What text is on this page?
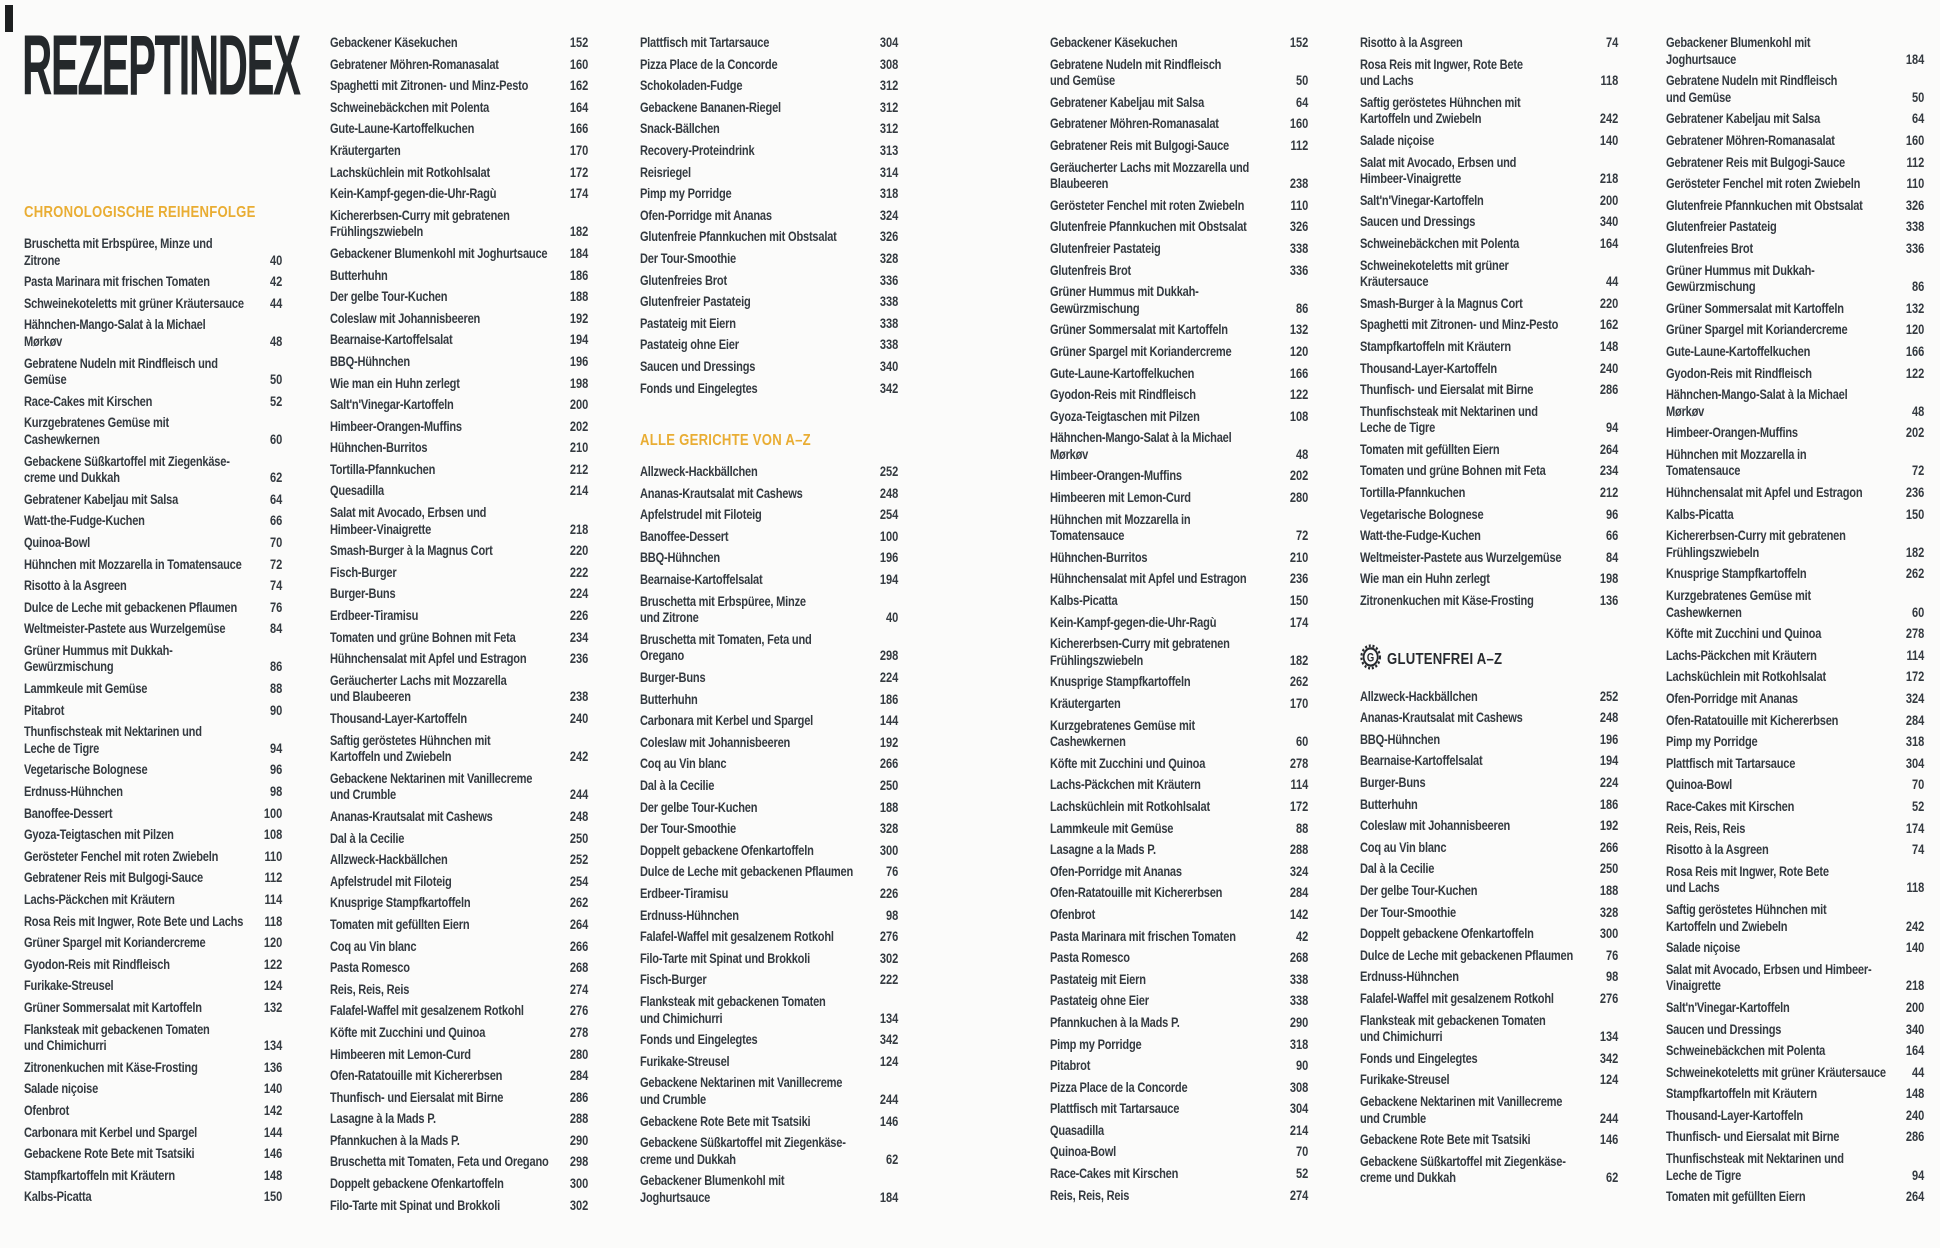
REZEPTINDEX
CHRONOLOGISCHE REIHENFOLGE
Bruschetta mit Erbspüree, Minze und
Zitrone	40
Pasta Marinara mit frischen Tomaten	42
Schweinekoteletts mit grüner Kräutersauce	44
Hähnchen-Mango-Salat à la Michael
Mørkøv	48
Gebratene Nudeln mit Rindfleisch und
Gemüse	50
Race-Cakes mit Kirschen	52
Kurzgebratenes Gemüse mit
Cashewkernen	60
Gebackene Süßkartoffel mit Ziegenkäse-
creme und Dukkah	62
Gebratener Kabeljau mit Salsa	64
Watt-the-Fudge-Kuchen	66
Quinoa-Bowl	70
Hühnchen mit Mozzarella in Tomatensauce	72
Risotto à la Asgreen	74
Dulce de Leche mit gebackenen Pflaumen	76
Weltmeister-Pastete aus Wurzelgemüse	84
Grüner Hummus mit Dukkah-
Gewürzmischung	86
Lammkeule mit Gemüse	88
Pitabrot	90
Thunfischsteak mit Nektarinen und
Leche de Tigre	94
Vegetarische Bolognese	96
Erdnuss-Hühnchen	98
Banoffee-Dessert	100
Gyoza-Teigtaschen mit Pilzen	108
Gerösteter Fenchel mit roten Zwiebeln	110
Gebratener Reis mit Bulgogi-Sauce	112
Lachs-Päckchen mit Kräutern	114
Rosa Reis mit Ingwer, Rote Bete und Lachs	118
Grüner Spargel mit Koriandercreme	120
Gyodon-Reis mit Rindfleisch	122
Furikake-Streusel	124
Grüner Sommersalat mit Kartoffeln	132
Flanksteak mit gebackenen Tomaten
und Chimichurri	134
Zitronenkuchen mit Käse-Frosting	136
Salade niçoise	140
Ofenbrot	142
Carbonara mit Kerbel und Spargel	144
Gebackene Rote Bete mit Tsatsiki	146
Stampfkartoffeln mit Kräutern	148
Kalbs-Picatta	150
Gebackener Käsekuchen	152
Gebratener Möhren-Romanasalat	160
Spaghetti mit Zitronen- und Minz-Pesto	162
Schweinebäckchen mit Polenta	164
Gute-Laune-Kartoffelkuchen	166
Kräutergarten	170
Lachsküchlein mit Rotkohlsalat	172
Kein-Kampf-gegen-die-Uhr-Ragù	174
Kichererbsen-Curry mit gebratenen
Frühlingszwiebeln	182
Gebackener Blumenkohl mit Joghurtsauce	184
Butterhuhn	186
Der gelbe Tour-Kuchen	188
Coleslaw mit Johannisbeeren	192
Bearnaise-Kartoffelsalat	194
BBQ-Hühnchen	196
Wie man ein Huhn zerlegt	198
Salt'n'Vinegar-Kartoffeln	200
Himbeer-Orangen-Muffins	202
Hühnchen-Burritos	210
Tortilla-Pfannkuchen	212
Quesadilla	214
Salat mit Avocado, Erbsen und
Himbeer-Vinaigrette	218
Smash-Burger à la Magnus Cort	220
Fisch-Burger	222
Burger-Buns	224
Erdbeer-Tiramisu	226
Tomaten und grüne Bohnen mit Feta	234
Hühnchensalat mit Apfel und Estragon	236
Geräucherter Lachs mit Mozzarella
und Blaubeeren	238
Thousand-Layer-Kartoffeln	240
Saftig geröstetes Hühnchen mit
Kartoffeln und Zwiebeln	242
Gebackene Nektarinen mit Vanillecreme
und Crumble	244
Ananas-Krautsalat mit Cashews	248
Dal à la Cecilie	250
Allzweck-Hackbällchen	252
Apfelstrudel mit Filoteig	254
Knusprige Stampfkartoffeln	262
Tomaten mit gefüllten Eiern	264
Coq au Vin blanc	266
Pasta Romesco	268
Reis, Reis, Reis	274
Falafel-Waffel mit gesalzenem Rotkohl	276
Köfte mit Zucchini und Quinoa	278
Himbeeren mit Lemon-Curd	280
Ofen-Ratatouille mit Kichererbsen	284
Thunfisch- und Eiersalat mit Birne	286
Lasagne à la Mads P.	288
Pfannkuchen à la Mads P.	290
Bruschetta mit Tomaten, Feta und Oregano	298
Doppelt gebackene Ofenkartoffeln	300
Filo-Tarte mit Spinat und Brokkoli	302
Plattfisch mit Tartarsauce	304
Pizza Place de la Concorde	308
Schokoladen-Fudge	312
Gebackene Bananen-Riegel	312
Snack-Bällchen	312
Recovery-Proteindrink	313
Reisriegel	314
Pimp my Porridge	318
Ofen-Porridge mit Ananas	324
Glutenfreie Pfannkuchen mit Obstsalat	326
Der Tour-Smoothie	328
Glutenfreies Brot	336
Glutenfreier Pastateig	338
Pastateig mit Eiern	338
Pastateig ohne Eier	338
Saucen und Dressings	340
Fonds und Eingelegtes	342
ALLE GERICHTE VON A–Z
Allzweck-Hackbällchen	252
Ananas-Krautsalat mit Cashews	248
Apfelstrudel mit Filoteig	254
Banoffee-Dessert	100
BBQ-Hühnchen	196
Bearnaise-Kartoffelsalat	194
Bruschetta mit Erbspüree, Minze
und Zitrone	40
Bruschetta mit Tomaten, Feta und
Oregano	298
Burger-Buns	224
Butterhuhn	186
Carbonara mit Kerbel und Spargel	144
Coleslaw mit Johannisbeeren	192
Coq au Vin blanc	266
Dal à la Cecilie	250
Der gelbe Tour-Kuchen	188
Der Tour-Smoothie	328
Doppelt gebackene Ofenkartoffeln	300
Dulce de Leche mit gebackenen Pflaumen	76
Erdbeer-Tiramisu	226
Erdnuss-Hühnchen	98
Falafel-Waffel mit gesalzenem Rotkohl	276
Filo-Tarte mit Spinat und Brokkoli	302
Fisch-Burger	222
Flanksteak mit gebackenen Tomaten
und Chimichurri	134
Fonds und Eingelegtes	342
Furikake-Streusel	124
Gebackene Nektarinen mit Vanillecreme
und Crumble	244
Gebackene Rote Bete mit Tsatsiki	146
Gebackene Süßkartoffel mit Ziegenkäse-
creme und Dukkah	62
Gebackener Blumenkohl mit
Joghurtsauce	184
Gebackener Käsekuchen	152
Gebratene Nudeln mit Rindfleisch
und Gemüse	50
Gebratener Kabeljau mit Salsa	64
Gebratener Möhren-Romanasalat	160
Gebratener Reis mit Bulgogi-Sauce	112
Geräucherter Lachs mit Mozzarella und
Blaubeeren	238
Gerösteter Fenchel mit roten Zwiebeln	110
Glutenfreie Pfannkuchen mit Obstsalat	326
Glutenfreier Pastateig	338
Glutenfreis Brot	336
Grüner Hummus mit Dukkah-
Gewürzmischung	86
Grüner Sommersalat mit Kartoffeln	132
Grüner Spargel mit Koriandercreme	120
Gute-Laune-Kartoffelkuchen	166
Gyodon-Reis mit Rindfleisch	122
Gyoza-Teigtaschen mit Pilzen	108
Hähnchen-Mango-Salat à la Michael
Mørkøv	48
Himbeer-Orangen-Muffins	202
Himbeeren mit Lemon-Curd	280
Hühnchen mit Mozzarella in
Tomatensauce	72
Hühnchen-Burritos	210
Hühnchensalat mit Apfel und Estragon	236
Kalbs-Picatta	150
Kein-Kampf-gegen-die-Uhr-Ragù	174
Kichererbsen-Curry mit gebratenen
Frühlingszwiebeln	182
Knusprige Stampfkartoffeln	262
Kräutergarten	170
Kurzgebratenes Gemüse mit
Cashewkernen	60
Köfte mit Zucchini und Quinoa	278
Lachs-Päckchen mit Kräutern	114
Lachsküchlein mit Rotkohlsalat	172
Lammkeule mit Gemüse	88
Lasagne a la Mads P.	288
Ofen-Porridge mit Ananas	324
Ofen-Ratatouille mit Kichererbsen	284
Ofenbrot	142
Pasta Marinara mit frischen Tomaten	42
Pasta Romesco	268
Pastateig mit Eiern	338
Pastateig ohne Eier	338
Pfannkuchen à la Mads P.	290
Pimp my Porridge	318
Pitabrot	90
Pizza Place de la Concorde	308
Plattfisch mit Tartarsauce	304
Quasadilla	214
Quinoa-Bowl	70
Race-Cakes mit Kirschen	52
Reis, Reis, Reis	274
Risotto à la Asgreen	74
Rosa Reis mit Ingwer, Rote Bete
und Lachs	118
Saftig geröstetes Hühnchen mit
Kartoffeln und Zwiebeln	242
Salade niçoise	140
Salat mit Avocado, Erbsen und
Himbeer-Vinaigrette	218
Salt'n'Vinegar-Kartoffeln	200
Saucen und Dressings	340
Schweinebäckchen mit Polenta	164
Schweinekoteletts mit grüner
Kräutersauce	44
Smash-Burger à la Magnus Cort	220
Spaghetti mit Zitronen- und Minz-Pesto	162
Stampfkartoffeln mit Kräutern	148
Thousand-Layer-Kartoffeln	240
Thunfisch- und Eiersalat mit Birne	286
Thunfischsteak mit Nektarinen und
Leche de Tigre	94
Tomaten mit gefüllten Eiern	264
Tomaten und grüne Bohnen mit Feta	234
Tortilla-Pfannkuchen	212
Vegetarische Bolognese	96
Watt-the-Fudge-Kuchen	66
Weltmeister-Pastete aus Wurzelgemüse	84
Wie man ein Huhn zerlegt	198
Zitronenkuchen mit Käse-Frosting	136
G GLUTENFREI A–Z
Allzweck-Hackbällchen	252
Ananas-Krautsalat mit Cashews	248
BBQ-Hühnchen	196
Bearnaise-Kartoffelsalat	194
Burger-Buns	224
Butterhuhn	186
Coleslaw mit Johannisbeeren	192
Coq au Vin blanc	266
Dal à la Cecilie	250
Der gelbe Tour-Kuchen	188
Der Tour-Smoothie	328
Doppelt gebackene Ofenkartoffeln	300
Dulce de Leche mit gebackenen Pflaumen	76
Erdnuss-Hühnchen	98
Falafel-Waffel mit gesalzenem Rotkohl	276
Flanksteak mit gebackenen Tomaten
und Chimichurri	134
Fonds und Eingelegtes	342
Furikake-Streusel	124
Gebackene Nektarinen mit Vanillecreme
und Crumble	244
Gebackene Rote Bete mit Tsatsiki	146
Gebackene Süßkartoffel mit Ziegenkäse-
creme und Dukkah	62
Gebackener Blumenkohl mit
Joghurtsauce	184
Gebratene Nudeln mit Rindfleisch
und Gemüse	50
Gebratener Kabeljau mit Salsa	64
Gebratener Möhren-Romanasalat	160
Gebratener Reis mit Bulgogi-Sauce	112
Gerösteter Fenchel mit roten Zwiebeln	110
Glutenfreie Pfannkuchen mit Obstsalat	326
Glutenfreier Pastateig	338
Glutenfreies Brot	336
Grüner Hummus mit Dukkah-
Gewürzmischung	86
Grüner Sommersalat mit Kartoffeln	132
Grüner Spargel mit Koriandercreme	120
Gute-Laune-Kartoffelkuchen	166
Gyodon-Reis mit Rindfleisch	122
Hähnchen-Mango-Salat à la Michael
Mørkøv	48
Himbeer-Orangen-Muffins	202
Hühnchen mit Mozzarella in
Tomatensauce	72
Hühnchensalat mit Apfel und Estragon	236
Kalbs-Picatta	150
Kichererbsen-Curry mit gebratenen
Frühlingszwiebeln	182
Knusprige Stampfkartoffeln	262
Kurzgebratenes Gemüse mit
Cashewkernen	60
Köfte mit Zucchini und Quinoa	278
Lachs-Päckchen mit Kräutern	114
Lachsküchlein mit Rotkohlsalat	172
Ofen-Porridge mit Ananas	324
Ofen-Ratatouille mit Kichererbsen	284
Pimp my Porridge	318
Plattfisch mit Tartarsauce	304
Quinoa-Bowl	70
Race-Cakes mit Kirschen	52
Reis, Reis, Reis	174
Risotto à la Asgreen	74
Rosa Reis mit Ingwer, Rote Bete
und Lachs	118
Saftig geröstetes Hühnchen mit
Kartoffeln und Zwiebeln	242
Salade niçoise	140
Salat mit Avocado, Erbsen und Himbeer-
Vinaigrette	218
Salt'n'Vinegar-Kartoffeln	200
Saucen und Dressings	340
Schweinebäckchen mit Polenta	164
Schweinekoteletts mit grüner Kräutersauce	44
Stampfkartoffeln mit Kräutern	148
Thousand-Layer-Kartoffeln	240
Thunfisch- und Eiersalat mit Birne	286
Thunfischsteak mit Nektarinen und
Leche de Tigre	94
Tomaten mit gefüllten Eiern	264
